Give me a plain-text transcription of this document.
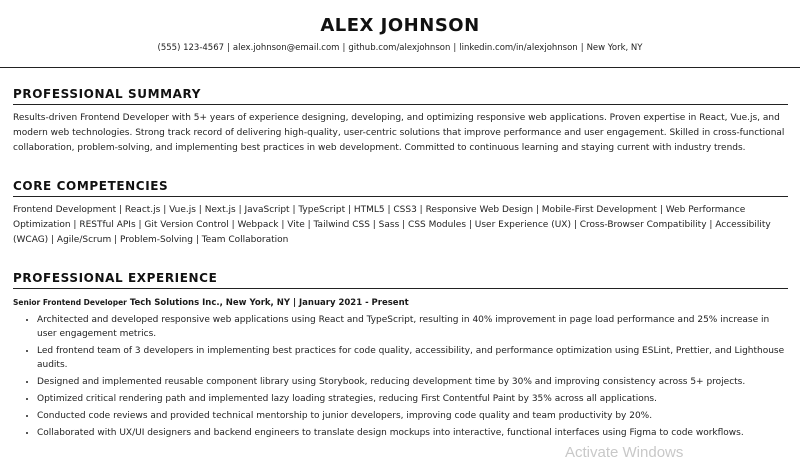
ALEX JOHNSON
(555) 123-4567 | alex.johnson@email.com | github.com/alexjohnson | linkedin.com/in/alexjohnson | New York, NY
PROFESSIONAL SUMMARY
Results-driven Frontend Developer with 5+ years of experience designing, developing, and optimizing responsive web applications. Proven expertise in React, Vue.js, and modern web technologies. Strong track record of delivering high-quality, user-centric solutions that improve performance and user engagement. Skilled in cross-functional collaboration, problem-solving, and implementing best practices in web development. Committed to continuous learning and staying current with industry trends.
CORE COMPETENCIES
Frontend Development | React.js | Vue.js | Next.js | JavaScript | TypeScript | HTML5 | CSS3 | Responsive Web Design | Mobile-First Development | Web Performance Optimization | RESTful APIs | Git Version Control | Webpack | Vite | Tailwind CSS | Sass | CSS Modules | User Experience (UX) | Cross-Browser Compatibility | Accessibility (WCAG) | Agile/Scrum | Problem-Solving | Team Collaboration
PROFESSIONAL EXPERIENCE
Senior Frontend Developer Tech Solutions Inc., New York, NY | January 2021 - Present
• Architected and developed responsive web applications using React and TypeScript, resulting in 40% improvement in page load performance and 25% increase in user engagement metrics.
• Led frontend team of 3 developers in implementing best practices for code quality, accessibility, and performance optimization using ESLint, Prettier, and Lighthouse audits.
• Designed and implemented reusable component library using Storybook, reducing development time by 30% and improving consistency across 5+ projects.
• Optimized critical rendering path and implemented lazy loading strategies, reducing First Contentful Paint by 35% across all applications.
• Conducted code reviews and provided technical mentorship to junior developers, improving code quality and team productivity by 20%.
• Collaborated with UX/UI designers and backend engineers to translate design mockups into interactive, functional interfaces using Figma to code workflows.
Activate Windows
